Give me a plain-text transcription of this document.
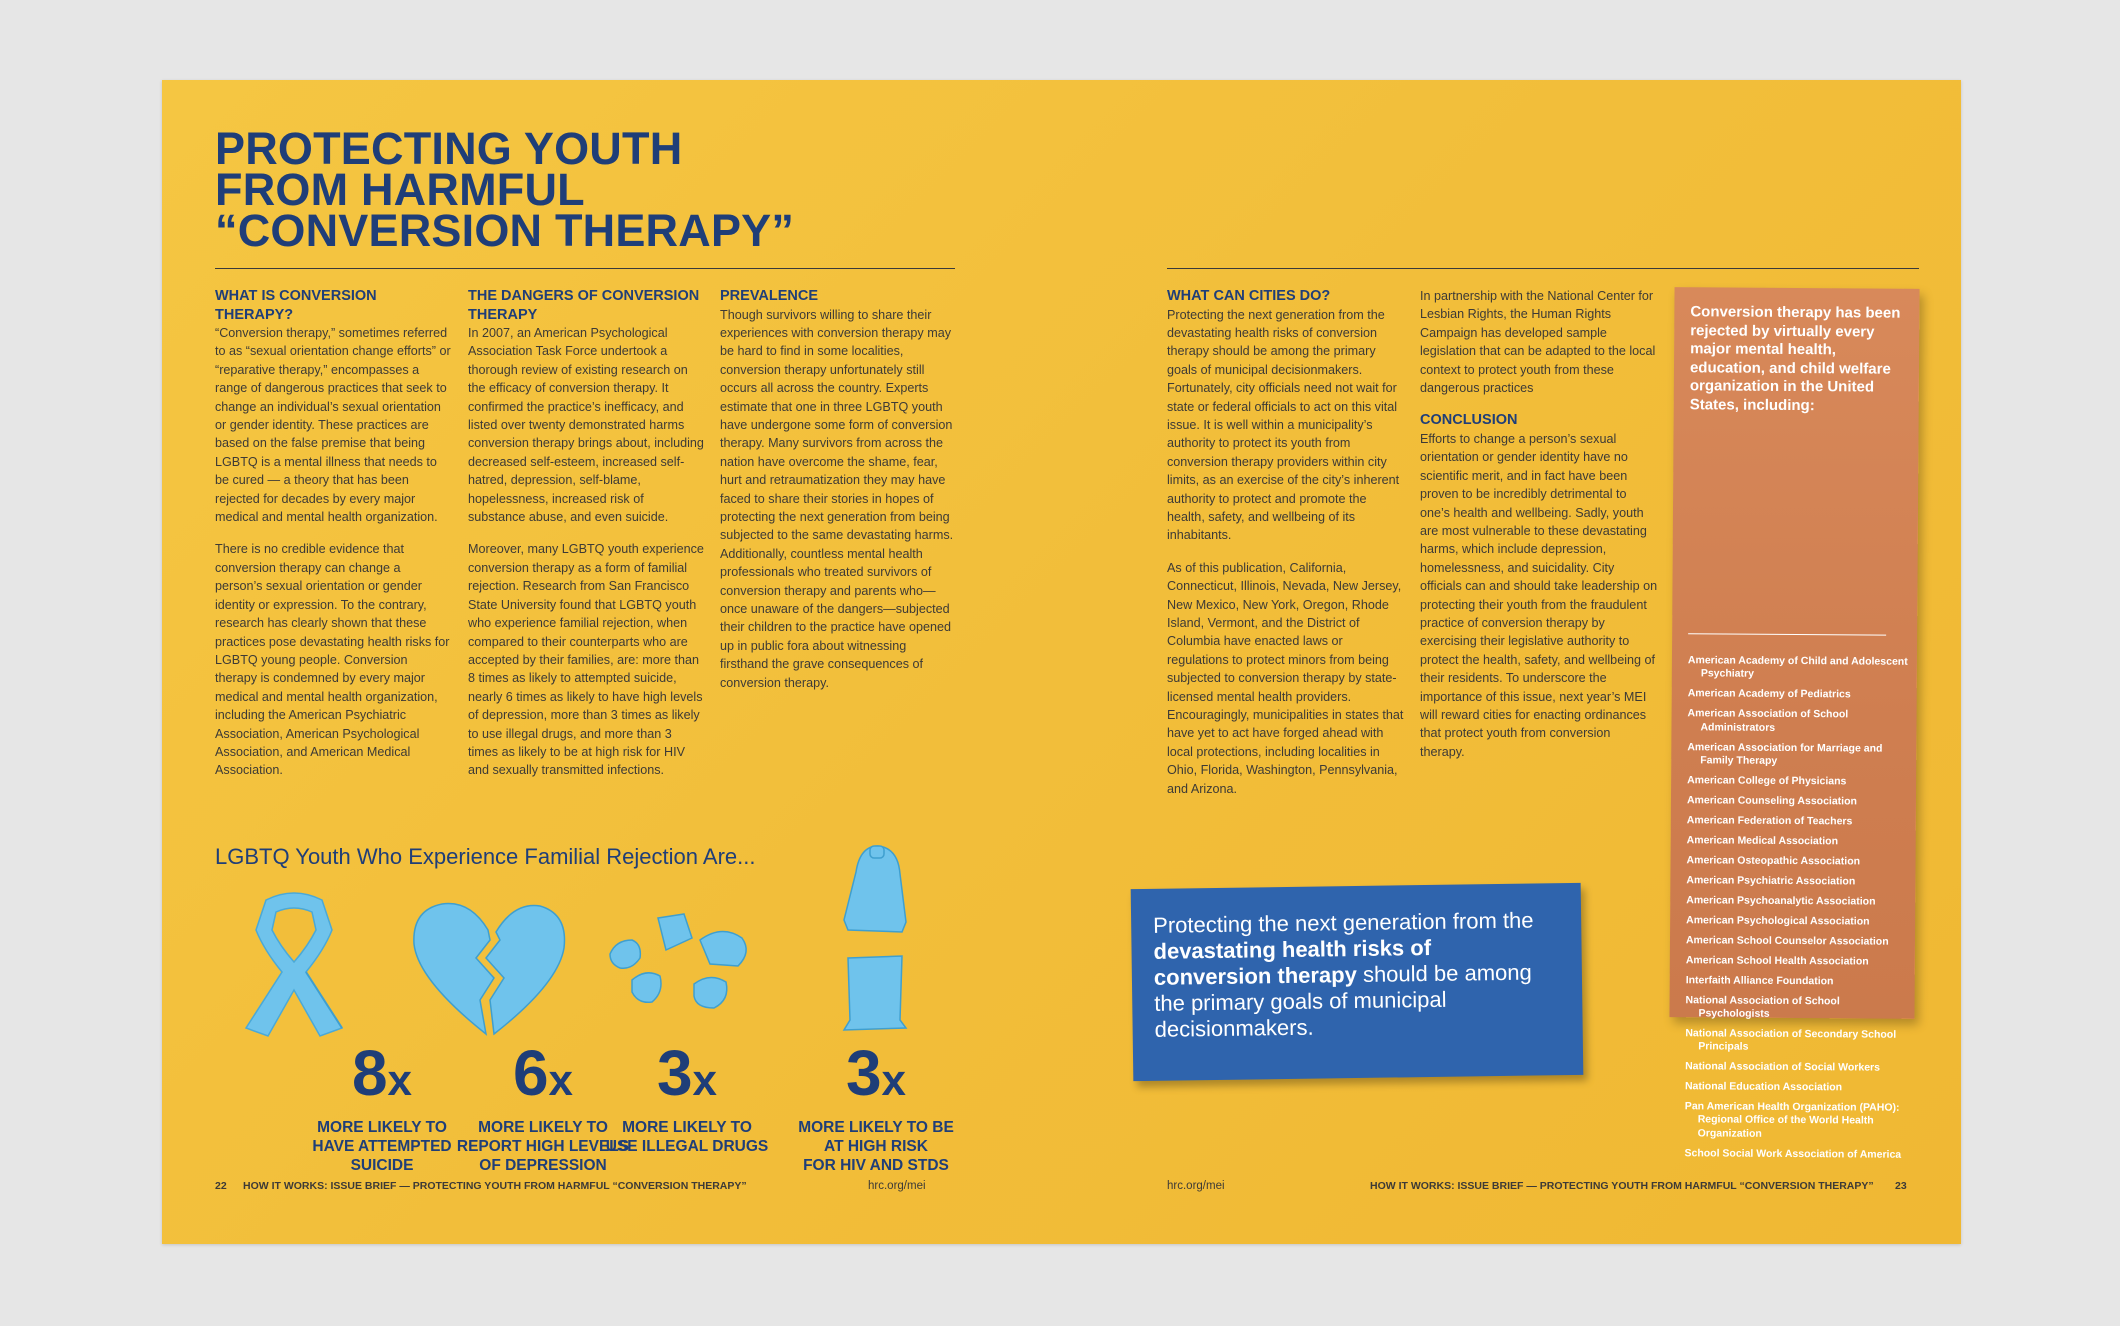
PROTECTING YOUTH
FROM HARMFUL
“CONVERSION THERAPY”
WHAT IS CONVERSION THERAPY?

“Conversion therapy,” sometimes referred to as “sexual orientation change efforts” or “reparative therapy,” encompasses a range of dangerous practices that seek to change an individual’s sexual orientation or gender identity. These practices are based on the false premise that being LGBTQ is a mental illness that needs to be cured — a theory that has been rejected for decades by every major medical and mental health organization.

There is no credible evidence that conversion therapy can change a person’s sexual orientation or gender identity or expression. To the contrary, research has clearly shown that these practices pose devastating health risks for LGBTQ young people. Conversion therapy is condemned by every major medical and mental health organization, including the American Psychiatric Association, American Psychological Association, and American Medical Association.

THE DANGERS OF CONVERSION THERAPY

In 2007, an American Psychological Association Task Force undertook a thorough review of existing research on the efficacy of conversion therapy. It confirmed the practice’s inefficacy, and listed over twenty demonstrated harms conversion therapy brings about, including decreased self-esteem, increased self-hatred, depression, self-blame, hopelessness, increased risk of substance abuse, and even suicide.

Moreover, many LGBTQ youth experience conversion therapy as a form of familial rejection. Research from San Francisco State University found that LGBTQ youth who experience familial rejection, when compared to their counterparts who are accepted by their families, are: more than 8 times as likely to attempted suicide, nearly 6 times as likely to have high levels of depression, more than 3 times as likely to use illegal drugs, and more than 3 times as likely to be at high risk for HIV and sexually transmitted infections.

PREVALENCE

Though survivors willing to share their experiences with conversion therapy may be hard to find in some localities, conversion therapy unfortunately still occurs all across the country. Experts estimate that one in three LGBTQ youth have undergone some form of conversion therapy. Many survivors from across the nation have overcome the shame, fear, hurt and retraumatization they may have faced to share their stories in hopes of protecting the next generation from being subjected to the same devastating harms. Additionally, countless mental health professionals who treated survivors of conversion therapy and parents who—once unaware of the dangers—subjected their children to the practice have opened up in public fora about witnessing firsthand the grave consequences of conversion therapy.

LGBTQ Youth Who Experience Familial Rejection Are...
8x
MORE LIKELY TO
HAVE ATTEMPTED
SUICIDE
6x
MORE LIKELY TO
REPORT HIGH LEVELS
OF DEPRESSION
3x
MORE LIKELY TO
USE ILLEGAL DRUGS
3x
MORE LIKELY TO BE
AT HIGH RISK
FOR HIV AND STDS
22 HOW IT WORKS: ISSUE BRIEF — PROTECTING YOUTH FROM HARMFUL “CONVERSION THERAPY”	hrc.org/mei
WHAT CAN CITIES DO?

Protecting the next generation from the devastating health risks of conversion therapy should be among the primary goals of municipal decisionmakers. Fortunately, city officials need not wait for state or federal officials to act on this vital issue. It is well within a municipality’s authority to protect its youth from conversion therapy providers within city limits, as an exercise of the city’s inherent authority to protect and promote the health, safety, and wellbeing of its inhabitants.

As of this publication, California, Connecticut, Illinois, Nevada, New Jersey, New Mexico, New York, Oregon, Rhode Island, Vermont, and the District of Columbia have enacted laws or regulations to protect minors from being subjected to conversion therapy by state-licensed mental health providers. Encouragingly, municipalities in states that have yet to act have forged ahead with local protections, including localities in Ohio, Florida, Washington, Pennsylvania, and Arizona.

In partnership with the National Center for Lesbian Rights, the Human Rights Campaign has developed sample legislation that can be adapted to the local context to protect youth from these dangerous practices

CONCLUSION

Efforts to change a person’s sexual orientation or gender identity have no scientific merit, and in fact have been proven to be incredibly detrimental to one’s health and wellbeing. Sadly, youth are most vulnerable to these devastating harms, which include depression, homelessness, and suicidality. City officials can and should take leadership on protecting their youth from the fraudulent practice of conversion therapy by exercising their legislative authority to protect the health, safety, and wellbeing of their residents. To underscore the importance of this issue, next year’s MEI will reward cities for enacting ordinances that protect youth from conversion therapy.

Protecting the next generation from the devastating health risks of conversion therapy should be among the primary goals of municipal decisionmakers.

Conversion therapy has been rejected by virtually every major mental health, education, and child welfare organization in the United States, including:

American Academy of Child and Adolescent Psychiatry
American Academy of Pediatrics
American Association of School Administrators
American Association for Marriage and Family Therapy
American College of Physicians
American Counseling Association
American Federation of Teachers
American Medical Association
American Osteopathic Association
American Psychiatric Association
American Psychoanalytic Association
American Psychological Association
American School Counselor Association
American School Health Association
Interfaith Alliance Foundation
National Association of School Psychologists
National Association of Secondary School Principals
National Association of Social Workers
National Education Association
Pan American Health Organization (PAHO): Regional Office of the World Health Organization
School Social Work Association of America
hrc.org/mei	HOW IT WORKS: ISSUE BRIEF — PROTECTING YOUTH FROM HARMFUL “CONVERSION THERAPY” 23
